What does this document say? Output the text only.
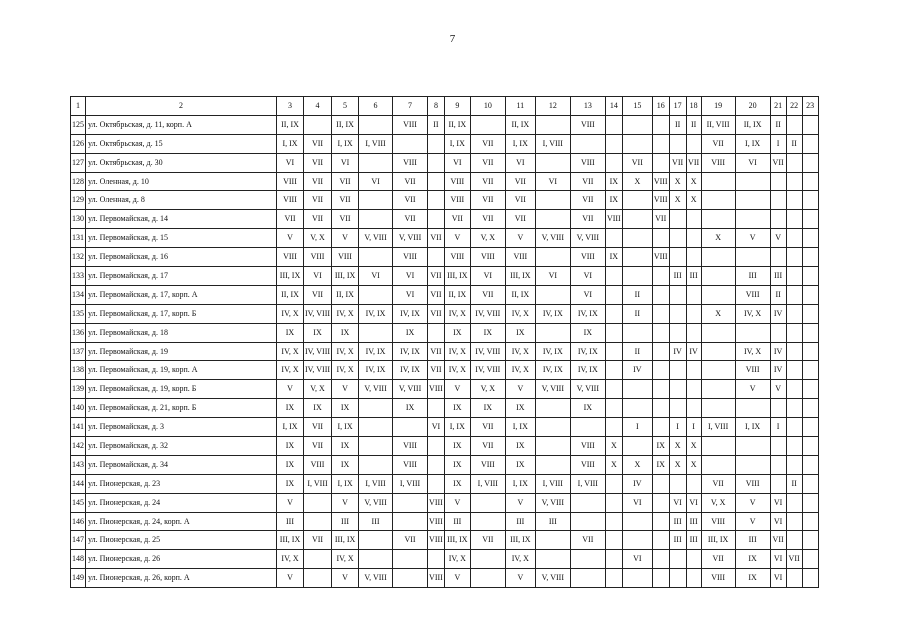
7
1	2	3	4	5	6	7	8	9	10	11	12	13	14	15	16	17	18	19	20	21	22	23
125	ул. Октябрьская, д. 11, корп. А	II, IX		II, IX		VIII	II	II, IX		II, IX		VIII				II	II	II, VIII	II, IX	II		
126	ул. Октябрьская, д. 15	I, IX	VII	I, IX	I, VIII			I, IX	VII	I, IX	I, VIII							VII	I, IX	I	II	
127	ул. Октябрьская, д. 30	VI	VII	VI		VIII		VI	VII	VI		VIII		VII		VII	VII	VIII	VI	VII		
128	ул. Оленная, д. 10	VIII	VII	VII	VI	VII		VIII	VII	VII	VI	VII	IX	X	VIII	X	X					
129	ул. Оленная, д. 8	VIII	VII	VII		VII		VIII	VII	VII		VII	IX		VIII	X	X					
130	ул. Первомайская, д. 14	VII	VII	VII		VII		VII	VII	VII		VII	VIII		VII							
131	ул. Первомайская, д. 15	V	V, X	V	V, VIII	V, VIII	VII	V	V, X	V	V, VIII	V, VIII						X	V	V		
132	ул. Первомайская, д. 16	VIII	VIII	VIII		VIII		VIII	VIII	VIII		VIII	IX		VIII							
133	ул. Первомайская, д. 17	III, IX	VI	III, IX	VI	VI	VII	III, IX	VI	III, IX	VI	VI				III	III		III	III		
134	ул. Первомайская, д. 17, корп. А	II, IX	VII	II, IX		VI	VII	II, IX	VII	II, IX		VI		II					VIII	II		
135	ул. Первомайская, д. 17, корп. Б	IV, X	IV, VIII	IV, X	IV, IX	IV, IX	VII	IV, X	IV, VIII	IV, X	IV, IX	IV, IX		II				X	IV, X	IV		
136	ул. Первомайская, д. 18	IX	IX	IX		IX		IX	IX	IX		IX										
137	ул. Первомайская, д. 19	IV, X	IV, VIII	IV, X	IV, IX	IV, IX	VII	IV, X	IV, VIII	IV, X	IV, IX	IV, IX		II		IV	IV		IV, X	IV		
138	ул. Первомайская, д. 19, корп. А	IV, X	IV, VIII	IV, X	IV, IX	IV, IX	VII	IV, X	IV, VIII	IV, X	IV, IX	IV, IX		IV					VIII	IV		
139	ул. Первомайская, д. 19, корп. Б	V	V, X	V	V, VIII	V, VIII	VIII	V	V, X	V	V, VIII	V, VIII							V	V		
140	ул. Первомайская, д. 21, корп. Б	IX	IX	IX		IX		IX	IX	IX		IX										
141	ул. Первомайская, д. 3	I, IX	VII	I, IX			VI	I, IX	VII	I, IX				I		I	I	I, VIII	I, IX	I		
142	ул. Первомайская, д. 32	IX	VII	IX		VIII		IX	VII	IX		VIII	X		IX	X	X					
143	ул. Первомайская, д. 34	IX	VIII	IX		VIII		IX	VIII	IX		VIII	X	X	IX	X	X					
144	ул. Пионерская, д. 23	IX	I, VIII	I, IX	I, VIII	I, VIII		IX	I, VIII	I, IX	I, VIII	I, VIII		IV				VII	VIII		II	
145	ул. Пионерская, д. 24	V		V	V, VIII		VIII	V		V	V, VIII			VI		VI	VI	V, X	V	VI		
146	ул. Пионерская, д. 24, корп. А	III		III	III		VIII	III		III	III					III	III	VIII	V	VI		
147	ул. Пионерская, д. 25	III, IX	VII	III, IX		VII	VIII	III, IX	VII	III, IX		VII				III	III	III, IX	III	VII		
148	ул. Пионерская, д. 26	IV, X		IV, X				IV, X		IV, X				VI				VII	IX	VI	VII	
149	ул. Пионерская, д. 26, корп. А	V		V	V, VIII		VIII	V		V	V, VIII							VIII	IX	VI		
